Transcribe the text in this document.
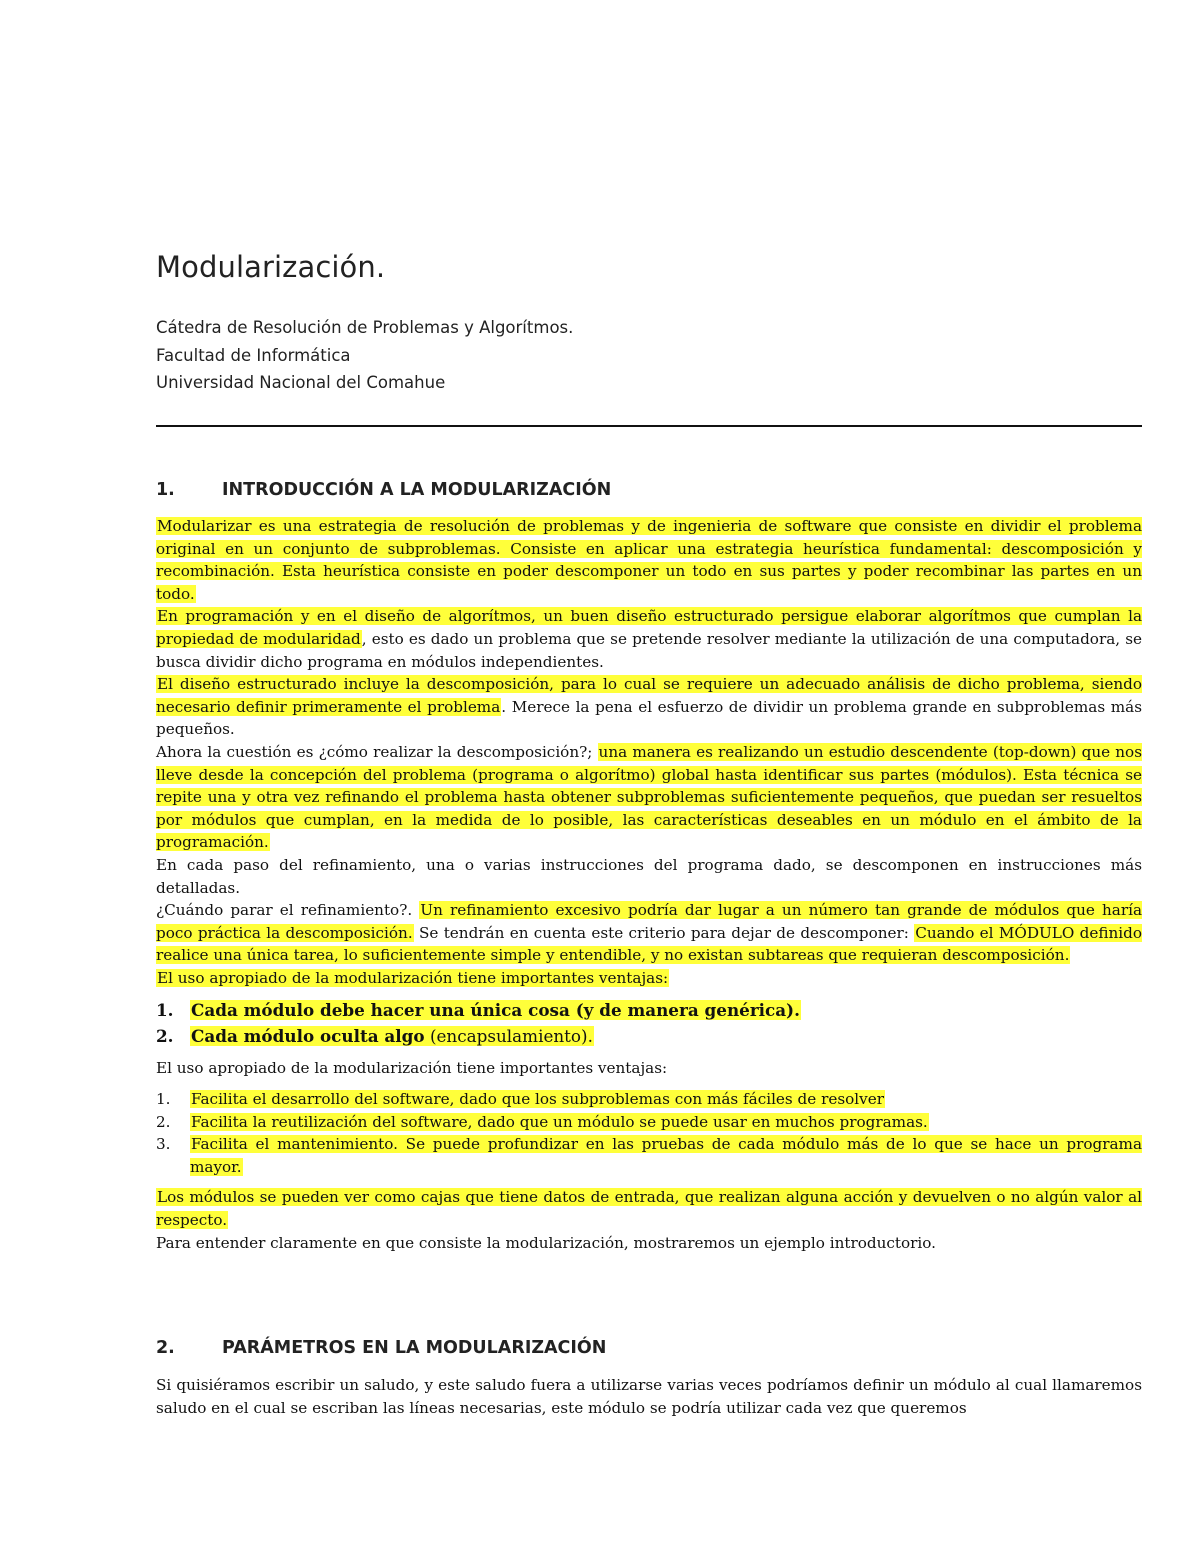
Modularización.
Cátedra de Resolución de Problemas y Algorítmos.
Facultad de Informática
Universidad Nacional del Comahue
1.	INTRODUCCIÓN A LA MODULARIZACIÓN

Modularizar es una estrategia de resolución de problemas y de ingenieria de software que consiste en dividir el problema original en un conjunto de subproblemas. Consiste en aplicar una estrategia heurística fundamental: descomposición y recombinación. Esta heurística consiste en poder descomponer un todo en sus partes y poder recombinar las partes en un todo.

En programación y en el diseño de algorítmos, un buen diseño estructurado persigue elaborar algorítmos que cumplan la propiedad de modularidad, esto es dado un problema que se pretende resolver mediante la utilización de una computadora, se busca dividir dicho programa en módulos independientes.

El diseño estructurado incluye la descomposición, para lo cual se requiere un adecuado análisis de dicho problema, siendo necesario definir primeramente el problema. Merece la pena el esfuerzo de dividir un problema grande en subproblemas más pequeños.

Ahora la cuestión es ¿cómo realizar la descomposición?; una manera es realizando un estudio descendente (top-down) que nos lleve desde la concepción del problema (programa o algorítmo) global hasta identificar sus partes (módulos). Esta técnica se repite una y otra vez refinando el problema hasta obtener subproblemas suficientemente pequeños, que puedan ser resueltos por módulos que cumplan, en la medida de lo posible, las características deseables en un módulo en el ámbito de la programación.

En cada paso del refinamiento, una o varias instrucciones del programa dado, se descomponen en instrucciones más detalladas.

¿Cuándo parar el refinamiento?. Un refinamiento excesivo podría dar lugar a un número tan grande de módulos que haría poco práctica la descomposición. Se tendrán en cuenta este criterio para dejar de descomponer: Cuando el MÓDULO definido realice una única tarea, lo suficientemente simple y entendible, y no existan subtareas que requieran descomposición.

El uso apropiado de la modularización tiene importantes ventajas:

1. Cada módulo debe hacer una única cosa (y de manera genérica).
2. Cada módulo oculta algo (encapsulamiento).

El uso apropiado de la modularización tiene importantes ventajas:

1. Facilita el desarrollo del software, dado que los subproblemas con más fáciles de resolver
2. Facilita la reutilización del software, dado que un módulo se puede usar en muchos programas.
3. Facilita el mantenimiento. Se puede profundizar en las pruebas de cada módulo más de lo que se hace un programa mayor.

Los módulos se pueden ver como cajas que tiene datos de entrada, que realizan alguna acción y devuelven o no algún valor al respecto.

Para entender claramente en que consiste la modularización, mostraremos un ejemplo introductorio.

2.	PARÁMETROS EN LA MODULARIZACIÓN

Si quisiéramos escribir un saludo, y este saludo fuera a utilizarse varias veces podríamos definir un módulo al cual llamaremos saludo en el cual se escriban las líneas necesarias, este módulo se podría utilizar cada vez que queremos
